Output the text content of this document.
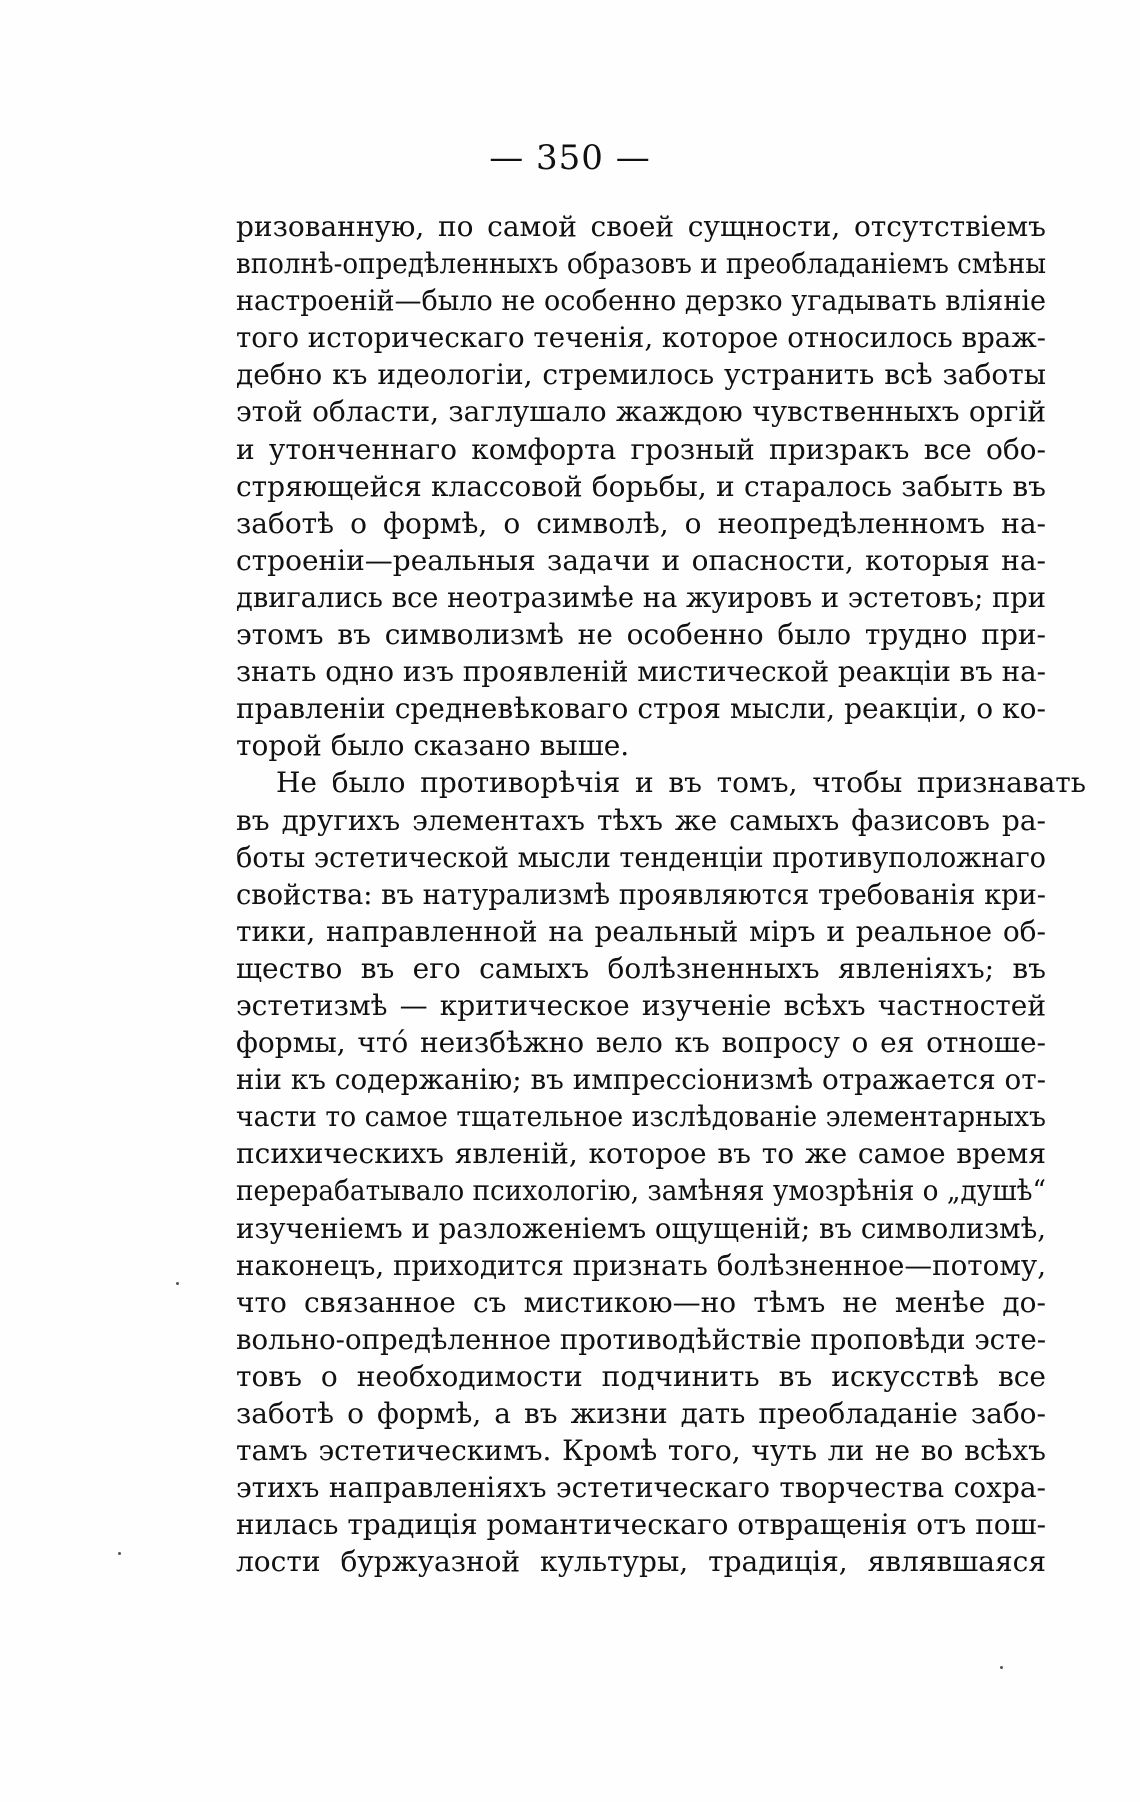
— 350 —
ризованную, по самой своей сущности, отсутствіемъ
вполнѣ-опредѣленныхъ образовъ и преобладаніемъ смѣны
настроеній—было не особенно дерзко угадывать вліяніе
того историческаго теченія, которое относилось враж-
дебно къ идеологіи, стремилось устранить всѣ заботы
этой области, заглушало жаждою чувственныхъ оргій
и утонченнаго комфорта грозный призракъ все обо-
стряющейся классовой борьбы, и старалось забыть въ
заботѣ о формѣ, о символѣ, о неопредѣленномъ на-
строеніи—реальныя задачи и опасности, которыя на-
двигались все неотразимѣе на жуировъ и эстетовъ; при
этомъ въ символизмѣ не особенно было трудно при-
знать одно изъ проявленій мистической реакціи въ на-
правленіи средневѣковаго строя мысли, реакціи, о ко-
торой было сказано выше.
Не было противорѣчія и въ томъ, чтобы признавать
въ другихъ элементахъ тѣхъ же самыхъ фазисовъ ра-
боты эстетической мысли тенденціи противуположнаго
свойства: въ натурализмѣ проявляются требованія кри-
тики, направленной на реальный міръ и реальное об-
щество въ его самыхъ болѣзненныхъ явленіяхъ; въ
эстетизмѣ — критическое изученіе всѣхъ частностей
формы, что́ неизбѣжно вело къ вопросу о ея отноше-
ніи къ содержанію; въ импрессіонизмѣ отражается от-
части то самое тщательное изслѣдованіе элементарныхъ
психическихъ явленій, которое въ то же самое время
перерабатывало психологію, замѣняя умозрѣнія о „душѣ“
изученіемъ и разложеніемъ ощущеній; въ символизмѣ,
наконецъ, приходится признать болѣзненное—потому,
что связанное съ мистикою—но тѣмъ не менѣе до-
вольно-опредѣленное противодѣйствіе проповѣди эсте-
товъ о необходимости подчинить въ искусствѣ все
заботѣ о формѣ, а въ жизни дать преобладаніе забо-
тамъ эстетическимъ. Кромѣ того, чуть ли не во всѣхъ
этихъ направленіяхъ эстетическаго творчества сохра-
нилась традиція романтическаго отвращенія отъ пош-
лости буржуазной культуры, традиція, являвшаяся
